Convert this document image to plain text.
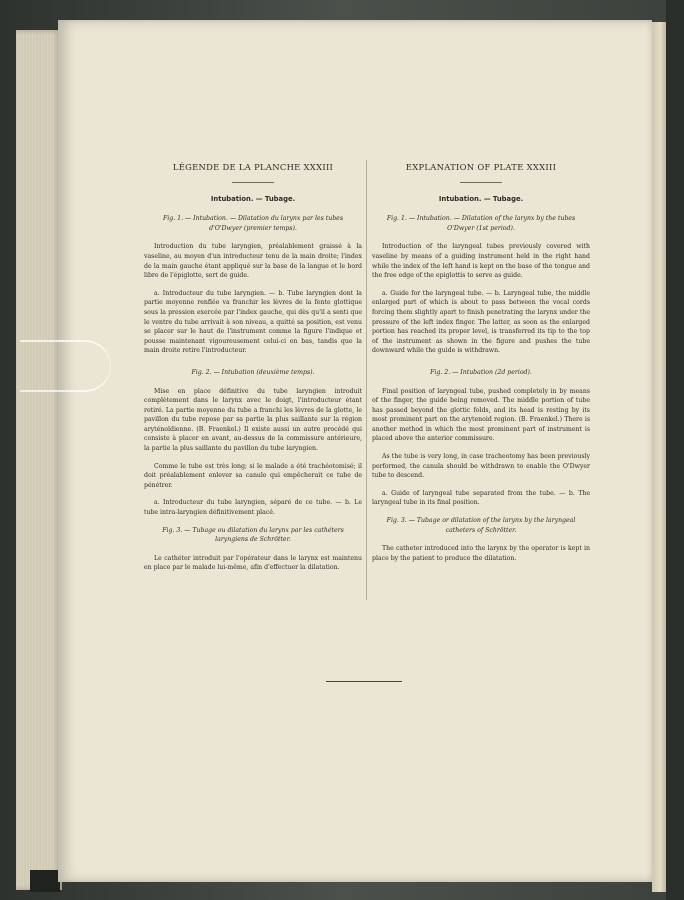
LÉGENDE DE LA PLANCHE XXXIII
Intubation. — Tubage.
Fig. 1. — Intubation. — Dilatation du larynx par les tubes d'O'Dwyer (premier temps).

Introduction du tube laryngien, préalablement graissé à la vaseline, au moyen d'un introducteur tenu de la main droite; l'index de la main gauche étant appliqué sur la base de la langue et le bord libre de l'épiglotte, sert de guide.

a. Introducteur du tube laryngien. — b. Tube laryngien dont la partie moyenne renflée va franchir les lèvres de la fente glottique sous la pression exercée par l'index gauche, qui dès qu'il a senti que le ventre du tube arrivait à son niveau, a quitté sa position, est venu se placer sur le haut de l'instrument comme la figure l'indique et pousse maintenant vigoureusement celui-ci en bas, tandis que la main droite retire l'introducteur.

Fig. 2. — Intubation (deuxième temps).

Mise en place définitive du tube laryngien introduit complètement dans le larynx avec le doigt, l'introducteur étant retiré. La partie moyenne du tube a franchi les lèvres de la glotte, le pavillon du tube repose par sa partie la plus saillante sur la région aryténoïdienne. (B. Fraenkel.) Il existe aussi un autre procédé qui consiste à placer en avant, au-dessus de la commissure antérieure, la partie la plus saillante du pavillon du tube laryngien.

Comme le tube est très long; si le malade a été trachéotomisé; il doit préalablement enlever sa canule qui empêcherait ce tube de pénétrer.

a. Introducteur du tube laryngien, séparé de ce tube. — b. Le tube intra-laryngien définitivement placé.

Fig. 3. — Tubage ou dilatation du larynx par les cathéters laryngiens de Schrötter.

Le cathéter introduit par l'opérateur dans le larynx est maintenu en place par le malade lui-même, afin d'effectuer la dilatation.

EXPLANATION OF PLATE XXXIII
Intubation. — Tubage.
Fig. 1. — Intubation. — Dilatation of the larynx by the tubes O'Dwyer (1st period).

Introduction of the laryngeal tubes previously covered with vaseline by means of a guiding instrument held in the right hand while the index of the left hand is kept on the base of the tongue and the free edge of the epiglottis to serve as guide.

a. Guide for the laryngeal tube. — b. Laryngeal tube, the middle enlarged part of which is about to pass between the vocal cords forcing them slightly apart to finish penetrating the larynx under the pressure of the left index finger. The latter, as soon as the enlarged portion has reached its proper level, is transferred its tip to the top of the instrument as shown in the figure and pushes the tube downward while the guide is withdrawn.

Fig. 2. — Intubation (2d period).

Final position of laryngeal tube, pushed completely in by means of the finger, the guide being removed. The middle portion of tube has passed beyond the glottic folds, and its head is resting by its most prominent part on the arytenoid region. (B. Fraenkel.) There is another method in which the most prominent part of instrument is placed above the anterior commissure.

As the tube is very long, in case tracheotomy has been previously performed, the canula should be withdrawn to enable the O'Dwyer tube to descend.

a. Guide of laryngeal tube separated from the tube. — b. The laryngeal tube in its final position.

Fig. 3. — Tubage or dilatation of the larynx by the laryngeal catheters of Schrötter.

The catheter introduced into the larynx by the operator is kept in place by the patient to produce the dilatation.
